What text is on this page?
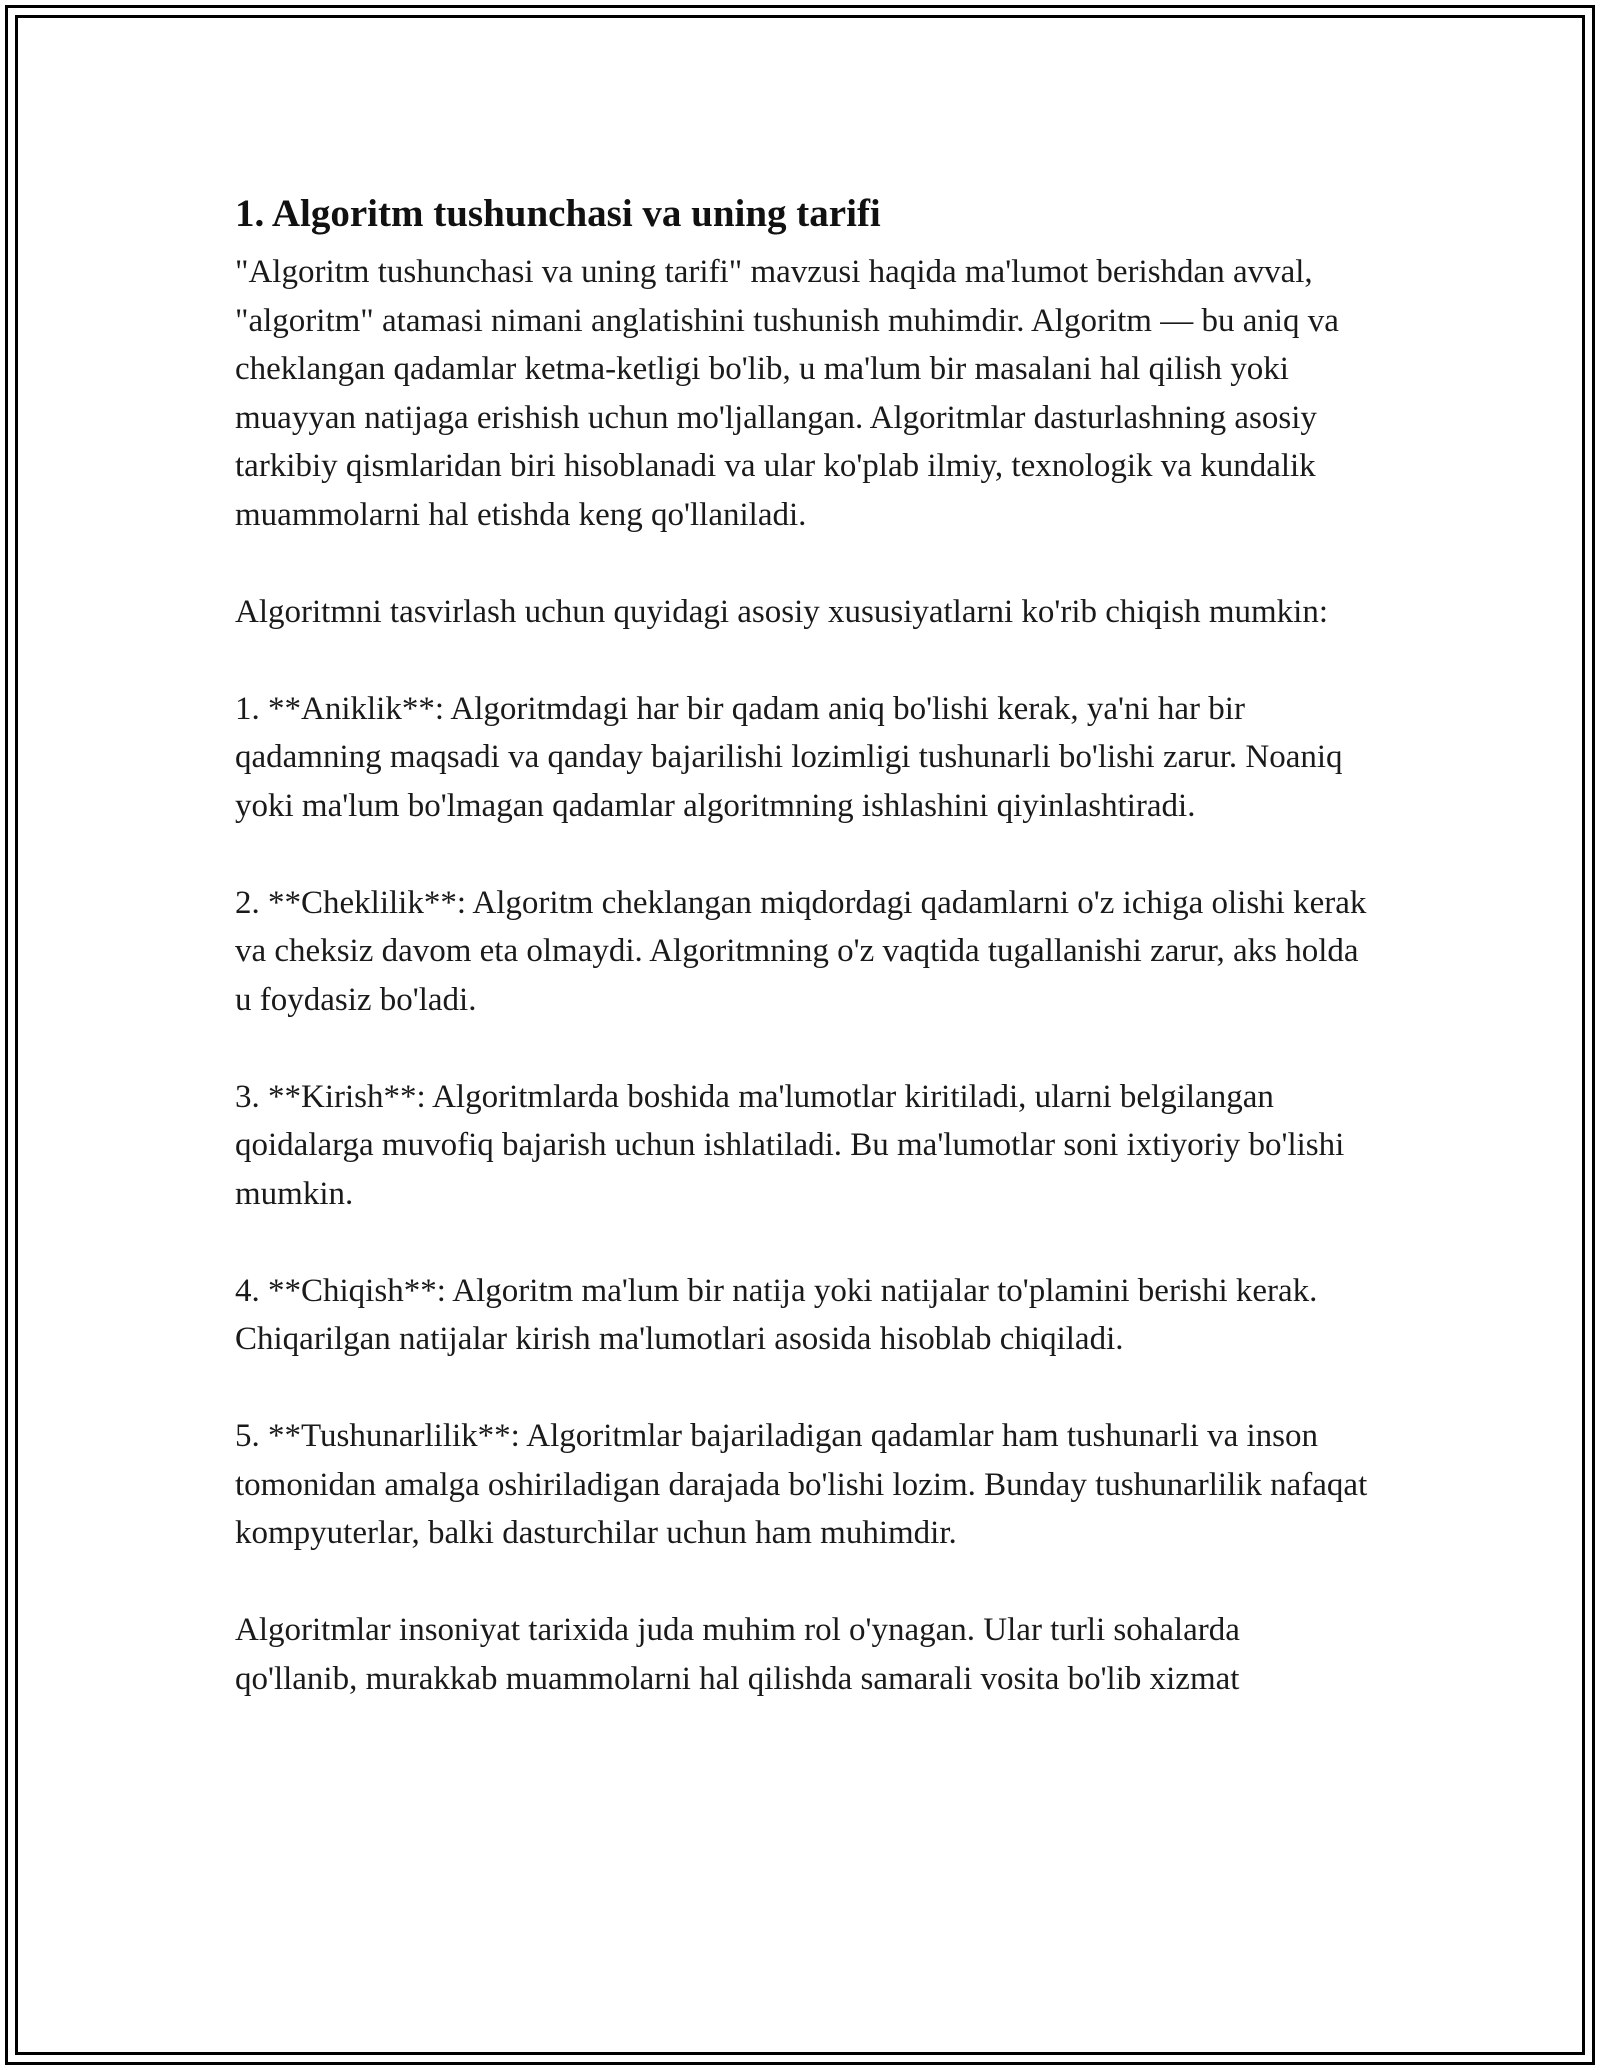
1. Algoritm tushunchasi va uning tarifi

"Algoritm tushunchasi va uning tarifi" mavzusi haqida ma'lumot berishdan avval, "algoritm" atamasi nimani anglatishini tushunish muhimdir. Algoritm — bu aniq va cheklangan qadamlar ketma-ketligi bo'lib, u ma'lum bir masalani hal qilish yoki muayyan natijaga erishish uchun mo'ljallangan. Algoritmlar dasturlashning asosiy tarkibiy qismlaridan biri hisoblanadi va ular ko'plab ilmiy, texnologik va kundalik muammolarni hal etishda keng qo'llaniladi.

Algoritmni tasvirlash uchun quyidagi asosiy xususiyatlarni ko'rib chiqish mumkin:

1. **Aniklik**: Algoritmdagi har bir qadam aniq bo'lishi kerak, ya'ni har bir qadamning maqsadi va qanday bajarilishi lozimligi tushunarli bo'lishi zarur. Noaniq yoki ma'lum bo'lmagan qadamlar algoritmning ishlashini qiyinlashtiradi.

2. **Cheklilik**: Algoritm cheklangan miqdordagi qadamlarni o'z ichiga olishi kerak va cheksiz davom eta olmaydi. Algoritmning o'z vaqtida tugallanishi zarur, aks holda u foydasiz bo'ladi.

3. **Kirish**: Algoritmlarda boshida ma'lumotlar kiritiladi, ularni belgilangan qoidalarga muvofiq bajarish uchun ishlatiladi. Bu ma'lumotlar soni ixtiyoriy bo'lishi mumkin.

4. **Chiqish**: Algoritm ma'lum bir natija yoki natijalar to'plamini berishi kerak. Chiqarilgan natijalar kirish ma'lumotlari asosida hisoblab chiqiladi.

5. **Tushunarlilik**: Algoritmlar bajariladigan qadamlar ham tushunarli va inson tomonidan amalga oshiriladigan darajada bo'lishi lozim. Bunday tushunarlilik nafaqat kompyuterlar, balki dasturchilar uchun ham muhimdir.

Algoritmlar insoniyat tarixida juda muhim rol o'ynagan. Ular turli sohalarda qo'llanib, murakkab muammolarni hal qilishda samarali vosita bo'lib xizmat
